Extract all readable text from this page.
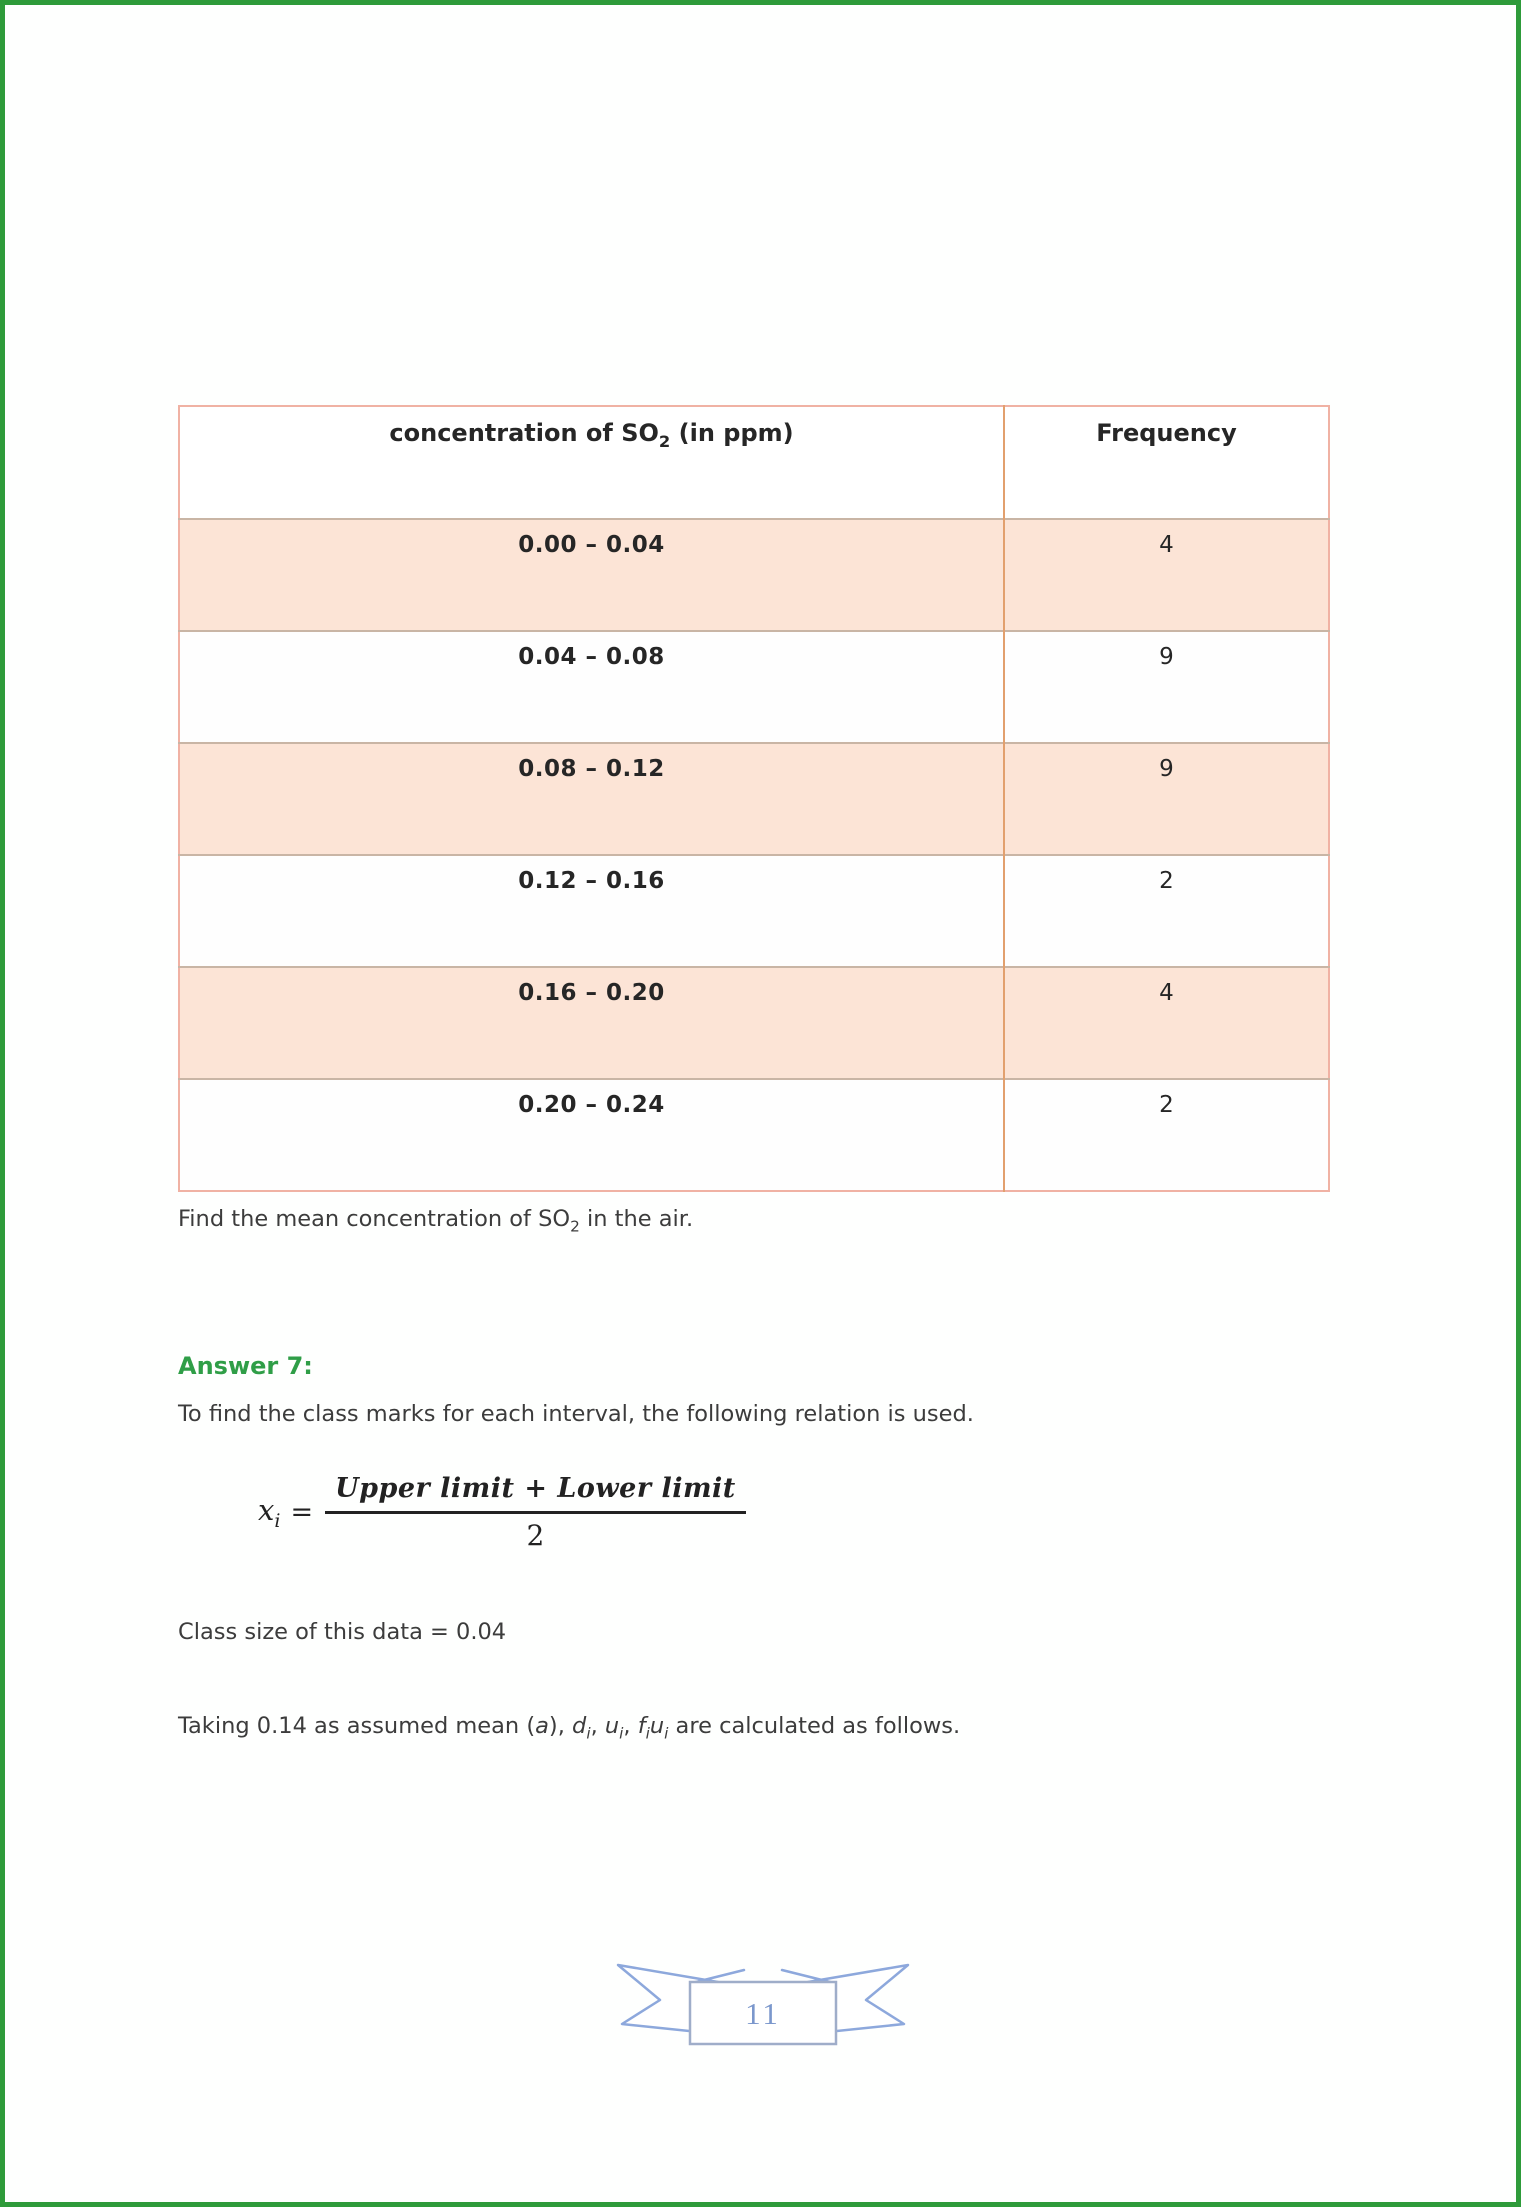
concentration of $SO_2$ (in ppm)	Frequency
0.00 – 0.04	4
0.04 – 0.08	9
0.08 – 0.12	9
0.12 – 0.16	2
0.16 – 0.20	4
0.20 – 0.24	2
Find the mean concentration of $SO_2$ in the air.
Answer 7:
To find the class marks for each interval, the following relation is used.
$x_i = \frac{\text{Upper limit + Lower limit}}{2}$
Class size of this data = 0.04
Taking 0.14 as assumed mean (a), $d_i$, $u_i$, $f_iu_i$ are calculated as follows.
11
